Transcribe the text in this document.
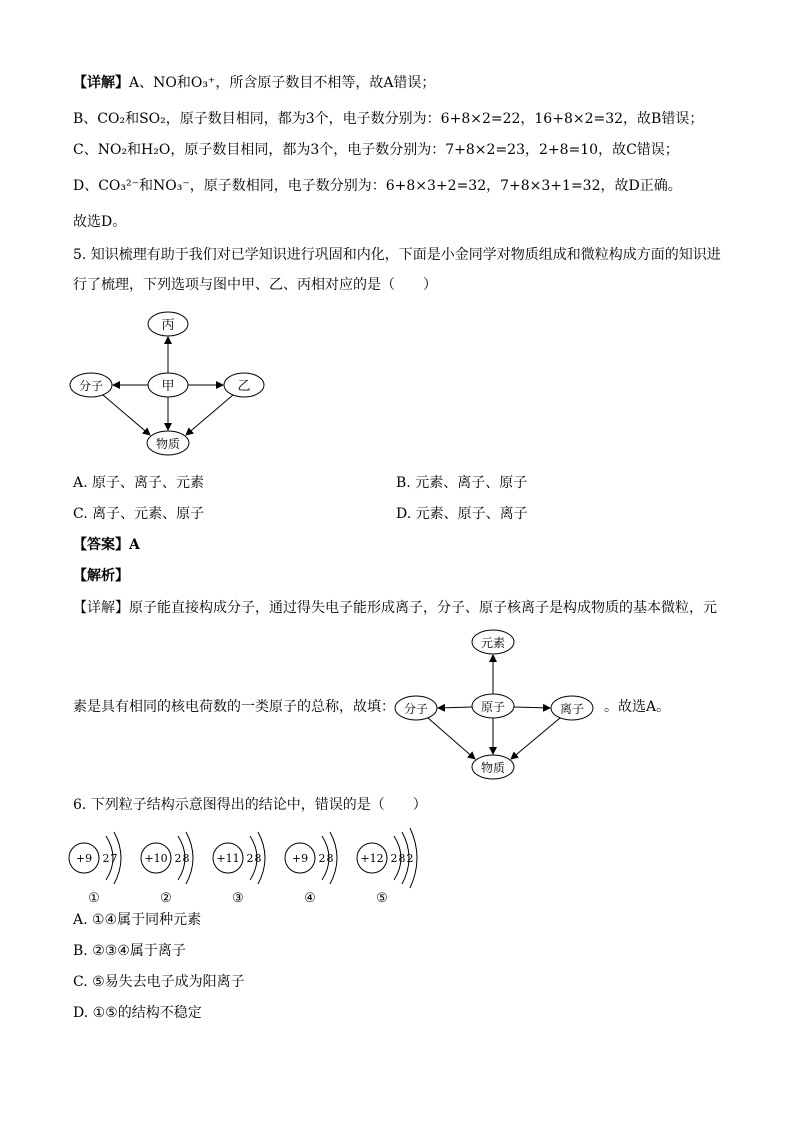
【详解】A、NO和O₃⁺，所含原子数目不相等，故A错误；
B、CO₂和SO₂，原子数目相同，都为3个，电子数分别为：6+8×2=22，16+8×2=32，故B错误；
C、NO₂和H₂O，原子数目相同，都为3个，电子数分别为：7+8×2=23，2+8=10，故C错误；
D、CO₃²⁻和NO₃⁻，原子数相同，电子数分别为：6+8×3+2=32，7+8×3+1=32，故D正确。
故选D。
5. 知识梳理有助于我们对已学知识进行巩固和内化，下面是小金同学对物质组成和微粒构成方面的知识进
行了梳理，下列选项与图中甲、乙、丙相对应的是（　　）
丙
分子	甲	乙
物质
A. 原子、离子、元素	B. 元素、离子、原子
C. 离子、元素、原子	D. 元素、原子、离子
【答案】A
【解析】
【详解】原子能直接构成分子，通过得失电子能形成离子，分子、原子核离子是构成物质的基本微粒，元
素是具有相同的核电荷数的一类原子的总称，故填：
元素
分子	原子	离子
物质
。故选A。
6. 下列粒子结构示意图得出的结论中，错误的是（　　）
+9 2 7
①
+10 2 8
②
+11 2 8
③
+9 2 8
④
+12 2 8 2
⑤
A. ①④属于同种元素
B. ②③④属于离子
C. ⑤易失去电子成为阳离子
D. ①⑤的结构不稳定
